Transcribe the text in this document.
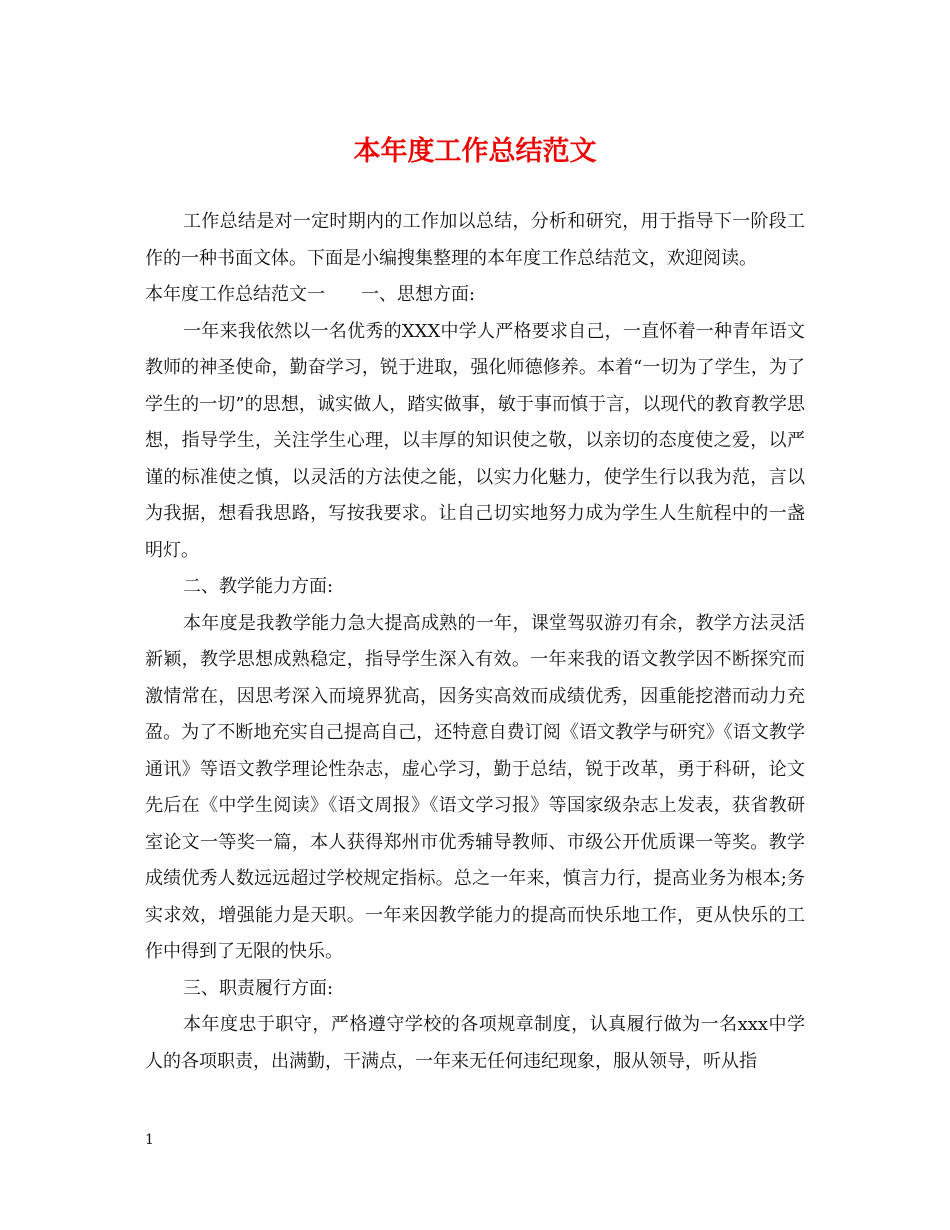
本年度工作总结范文

工作总结是对一定时期内的工作加以总结，分析和研究，用于指导下一阶段工作的一种书面文体。下面是小编搜集整理的本年度工作总结范文，欢迎阅读。

本年度工作总结范文一　　一、思想方面:

一年来我依然以一名优秀的XXX中学人严格要求自己，一直怀着一种青年语文教师的神圣使命，勤奋学习，锐于进取，强化师德修养。本着“一切为了学生，为了学生的一切”的思想，诚实做人，踏实做事，敏于事而慎于言，以现代的教育教学思想，指导学生，关注学生心理，以丰厚的知识使之敬，以亲切的态度使之爱，以严谨的标准使之慎，以灵活的方法使之能，以实力化魅力，使学生行以我为范，言以为我据，想看我思路，写按我要求。让自己切实地努力成为学生人生航程中的一盏明灯。

二、教学能力方面:

本年度是我教学能力急大提高成熟的一年，课堂驾驭游刃有余，教学方法灵活新颖，教学思想成熟稳定，指导学生深入有效。一年来我的语文教学因不断探究而激情常在，因思考深入而境界犹高，因务实高效而成绩优秀，因重能挖潜而动力充盈。为了不断地充实自己提高自己，还特意自费订阅《语文教学与研究》《语文教学通讯》等语文教学理论性杂志，虚心学习，勤于总结，锐于改革，勇于科研，论文先后在《中学生阅读》《语文周报》《语文学习报》等国家级杂志上发表，获省教研室论文一等奖一篇，本人获得郑州市优秀辅导教师、市级公开优质课一等奖。教学成绩优秀人数远远超过学校规定指标。总之一年来，慎言力行，提高业务为根本;务实求效，增强能力是天职。一年来因教学能力的提高而快乐地工作，更从快乐的工作中得到了无限的快乐。

三、职责履行方面:

本年度忠于职守，严格遵守学校的各项规章制度，认真履行做为一名xxx中学人的各项职责，出满勤，干满点，一年来无任何违纪现象，服从领导，听从指

1
